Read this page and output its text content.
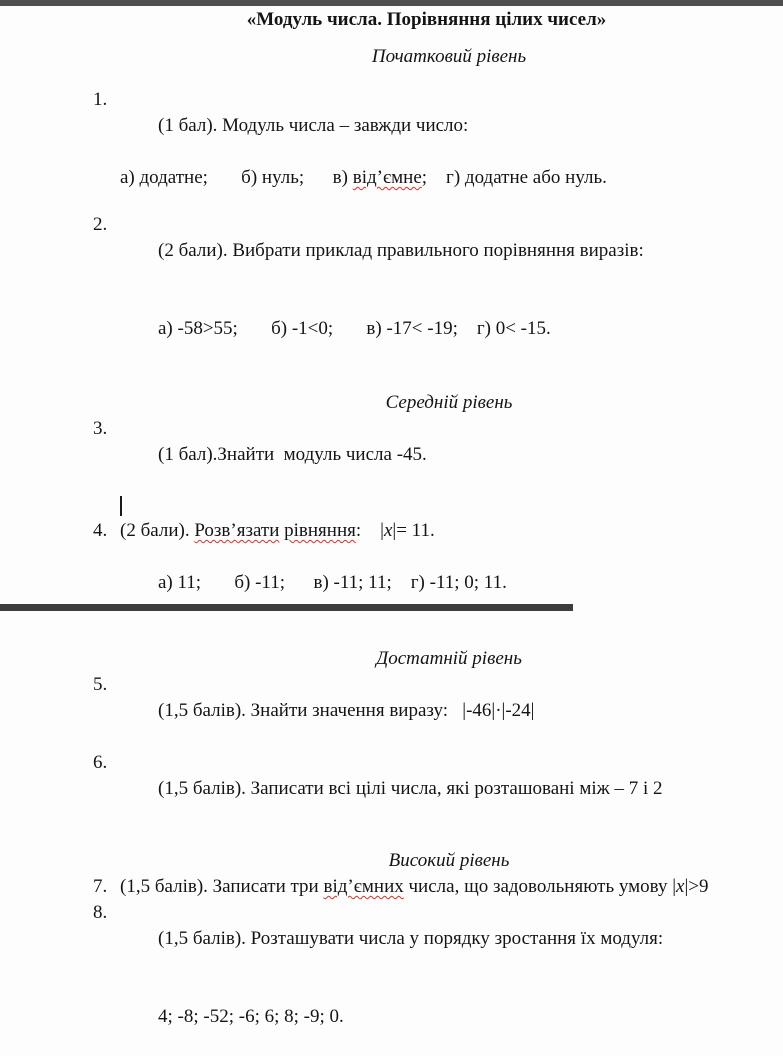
«Модуль числа. Порівняння цілих чисел»
Початковий рівень
1.

(1 бал). Модуль числа – завжди число:

а) додатне;       б) нуль;      в) від’ємне;    г) додатне або нуль.
2.

(2 бали). Вибрати приклад правильного порівняння виразів:

а) -58>55;       б) -1<0;       в) -17< -19;    г) 0< -15.

Середній рівень
3.

(1 бал).Знайти  модуль числа -45.

4. (2 бали). Розв’язати рівняння:    |x|= 11.

а) 11;       б) -11;      в) -11; 11;    г) -11; 0; 11.

Достатній рівень
5.

(1,5 балів). Знайти значення виразу:   |-46|·|-24|

6.

(1,5 балів). Записати всі цілі числа, які розташовані між – 7 і 2

Високий рівень
7. (1,5 балів). Записати три від’ємних числа, що задовольняють умову |x|>9
8.

(1,5 балів). Розташувати числа у порядку зростання їх модуля:

4; -8; -52; -6; 6; 8; -9; 0.
